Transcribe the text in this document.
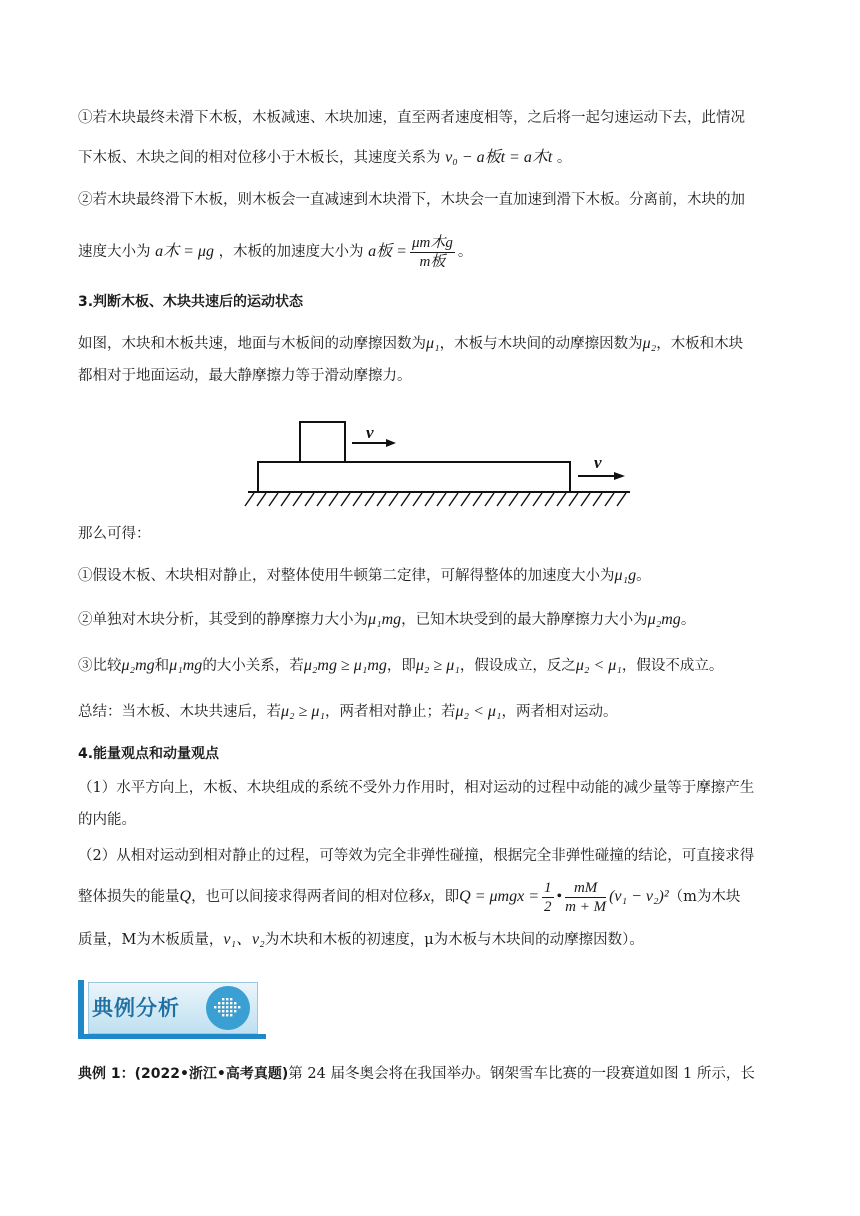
①若木块最终未滑下木板，木板减速、木块加速，直至两者速度相等，之后将一起匀速运动下去，此情况
下木板、木块之间的相对位移小于木板长，其速度关系为 v₀ − a板t = a木t 。
②若木块最终滑下木板，则木板会一直减速到木块滑下，木块会一直加速到滑下木板。分离前，木块的加
速度大小为 a木 = μg ，木板的加速度大小为 a板 = $\frac{\text{μm木g}}{\text{m板}}$ 。
3.判断木板、木块共速后的运动状态
如图，木块和木板共速，地面与木板间的动摩擦因数为μ₁，木板与木块间的动摩擦因数为μ₂，木板和木块
都相对于地面运动，最大静摩擦力等于滑动摩擦力。
v
v
那么可得：
①假设木板、木块相对静止，对整体使用牛顿第二定律，可解得整体的加速度大小为μ₁g。
②单独对木块分析，其受到的静摩擦力大小为μ₁mg，已知木块受到的最大静摩擦力大小为μ₂mg。
③比较μ₂mg和μ₁mg的大小关系，若μ₂mg ≥ μ₁mg，即μ₂ ≥ μ₁，假设成立，反之μ₂ < μ₁，假设不成立。
总结：当木板、木块共速后，若μ₂ ≥ μ₁，两者相对静止；若μ₂ < μ₁，两者相对运动。
4.能量观点和动量观点
（1）水平方向上，木板、木块组成的系统不受外力作用时，相对运动的过程中动能的减少量等于摩擦产生
的内能。
（2）从相对运动到相对静止的过程，可等效为完全非弹性碰撞，根据完全非弹性碰撞的结论，可直接求得
整体损失的能量Q，也可以间接求得两者间的相对位移x，即$Q = \mu mgx = \frac{1}{2}$ • $\frac{mM}{m + M} (v_1 - v_2)^2(m$为木块
质量，M为木板质量，v₁、v₂为木块和木板的初速度，μ为木板与木块间的动摩擦因数）。
典例分析
典例 1：(2022•浙江•高考真题)第 24 届冬奥会将在我国举办。钢架雪车比赛的一段赛道如图 1 所示，长
